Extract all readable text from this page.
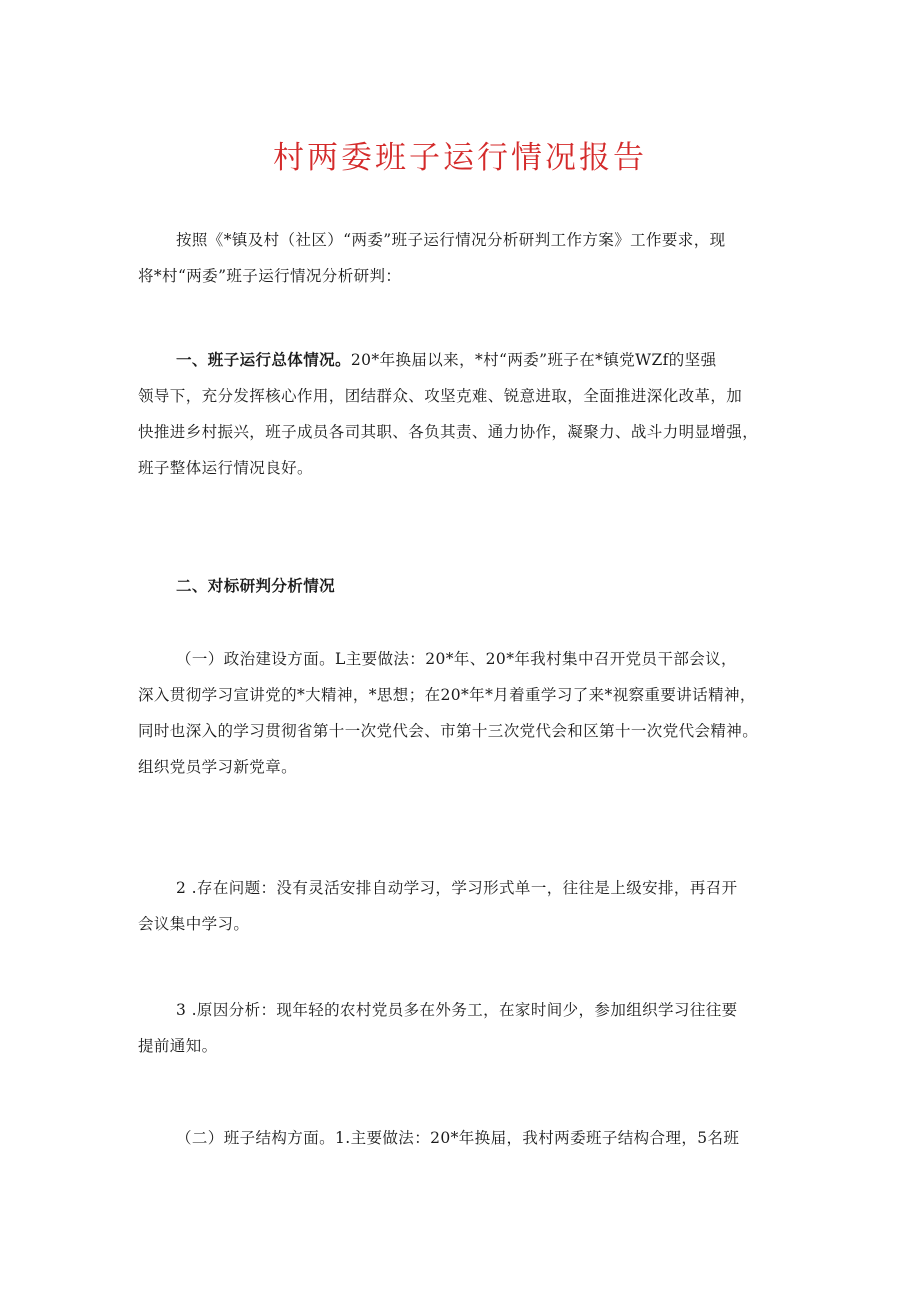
村两委班子运行情况报告
按照《*镇及村（社区）“两委”班子运行情况分析研判工作方案》工作要求，现
将*村“两委”班子运行情况分析研判：
一、班子运行总体情况。20*年换届以来，*村“两委”班子在*镇党WZf的坚强
领导下，充分发挥核心作用，团结群众、攻坚克难、锐意进取，全面推进深化改革，加
快推进乡村振兴，班子成员各司其职、各负其责、通力协作，凝聚力、战斗力明显增强，
班子整体运行情况良好。
二、对标研判分析情况
（一）政治建设方面。L主要做法：20*年、20*年我村集中召开党员干部会议，
深入贯彻学习宣讲党的*大精神，*思想；在20*年*月着重学习了来*视察重要讲话精神，
同时也深入的学习贯彻省第十一次党代会、市第十三次党代会和区第十一次党代会精神。
组织党员学习新党章。
2 .存在问题：没有灵活安排自动学习，学习形式单一，往往是上级安排，再召开
会议集中学习。
3 .原因分析：现年轻的农村党员多在外务工，在家时间少，参加组织学习往往要
提前通知。
（二）班子结构方面。1.主要做法：20*年换届，我村两委班子结构合理，5名班
